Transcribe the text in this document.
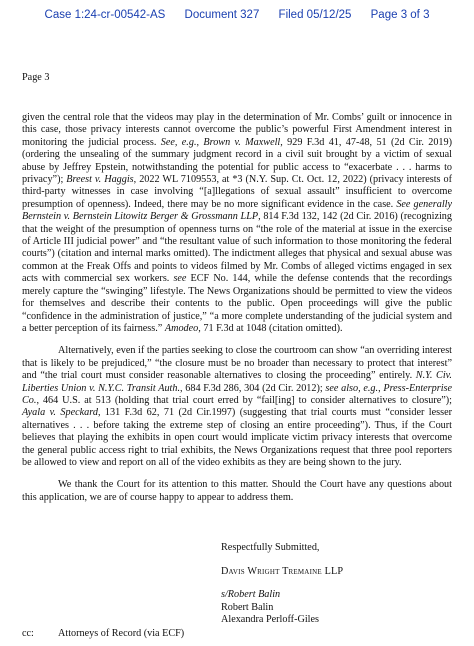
Case 1:24-cr-00542-AS Document 327 Filed 05/12/25 Page 3 of 3
Page 3

given the central role that the videos may play in the determination of Mr. Combs’ guilt or innocence in this case, those privacy interests cannot overcome the public’s powerful First Amendment interest in monitoring the judicial process. See, e.g., Brown v. Maxwell, 929 F.3d 41, 47-48, 51 (2d Cir. 2019) (ordering the unsealing of the summary judgment record in a civil suit brought by a victim of sexual abuse by Jeffrey Epstein, notwithstanding the potential for public access to “exacerbate . . . harms to privacy”); Breest v. Haggis, 2022 WL 7109553, at *3 (N.Y. Sup. Ct. Oct. 12, 2022) (privacy interests of third-party witnesses in case involving “[a]llegations of sexual assault” insufficient to overcome presumption of openness). Indeed, there may be no more significant evidence in the case. See generally Bernstein v. Bernstein Litowitz Berger & Grossmann LLP, 814 F.3d 132, 142 (2d Cir. 2016) (recognizing that the weight of the presumption of openness turns on “the role of the material at issue in the exercise of Article III judicial power” and “the resultant value of such information to those monitoring the federal courts”) (citation and internal marks omitted). The indictment alleges that physical and sexual abuse was common at the Freak Offs and points to videos filmed by Mr. Combs of alleged victims engaged in sex acts with commercial sex workers. see ECF No. 144, while the defense contends that the recordings merely capture the “swinging” lifestyle. The News Organizations should be permitted to view the videos for themselves and describe their contents to the public. Open proceedings will give the public “confidence in the administration of justice,” “a more complete understanding of the judicial system and a better perception of its fairness.” Amodeo, 71 F.3d at 1048 (citation omitted).

Alternatively, even if the parties seeking to close the courtroom can show “an overriding interest that is likely to be prejudiced,” “the closure must be no broader than necessary to protect that interest” and “the trial court must consider reasonable alternatives to closing the proceeding” entirely. N.Y. Civ. Liberties Union v. N.Y.C. Transit Auth., 684 F.3d 286, 304 (2d Cir. 2012); see also, e.g., Press-Enterprise Co., 464 U.S. at 513 (holding that trial court erred by “fail[ing] to consider alternatives to closure”); Ayala v. Speckard, 131 F.3d 62, 71 (2d Cir.1997) (suggesting that trial courts must “consider lesser alternatives . . . before taking the extreme step of closing an entire proceeding”). Thus, if the Court believes that playing the exhibits in open court would implicate victim privacy interests that overcome the general public access right to trial exhibits, the News Organizations request that three pool reporters be allowed to view and report on all of the video exhibits as they are being shown to the jury.

We thank the Court for its attention to this matter. Should the Court have any questions about this application, we are of course happy to appear to address them.

Respectfully Submitted,
Davis Wright Tremaine LLP
s/Robert Balin
Robert Balin
Alexandra Perloff-Giles
cc: Attorneys of Record (via ECF)
